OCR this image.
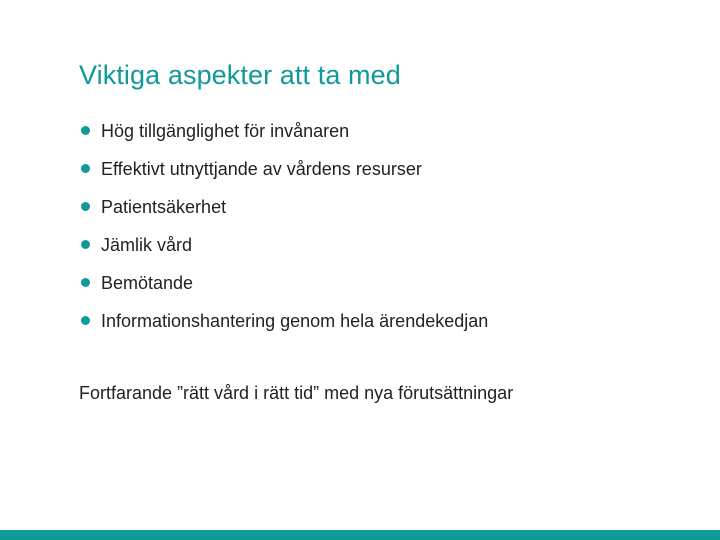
Viktiga aspekter att ta med
Hög tillgänglighet för invånaren
Effektivt utnyttjande av vårdens resurser
Patientsäkerhet
Jämlik vård
Bemötande
Informationshantering genom hela ärendekedjan

Fortfarande ”rätt vård i rätt tid” med nya förutsättningar
